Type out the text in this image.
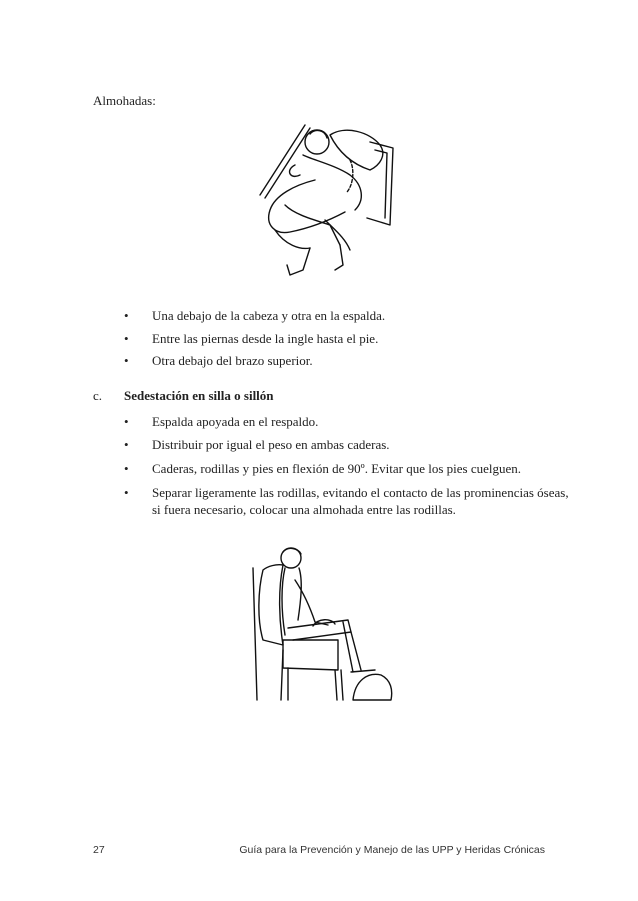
Almohadas:
•	Una debajo de la cabeza y otra en la espalda.
•	Entre las piernas desde la ingle hasta el pie.
•	Otra debajo del brazo superior.
c. Sedestación en silla o sillón
•	Espalda apoyada en el respaldo.
•	Distribuir por igual el peso en ambas caderas.
•	Caderas, rodillas y pies en flexión de 90º. Evitar que los pies cuelguen.
•	Separar ligeramente las rodillas, evitando el contacto de las prominencias óseas, si fuera necesario, colocar una almohada entre las rodillas.
27	Guía para la Prevención y Manejo de las UPP y Heridas Crónicas
